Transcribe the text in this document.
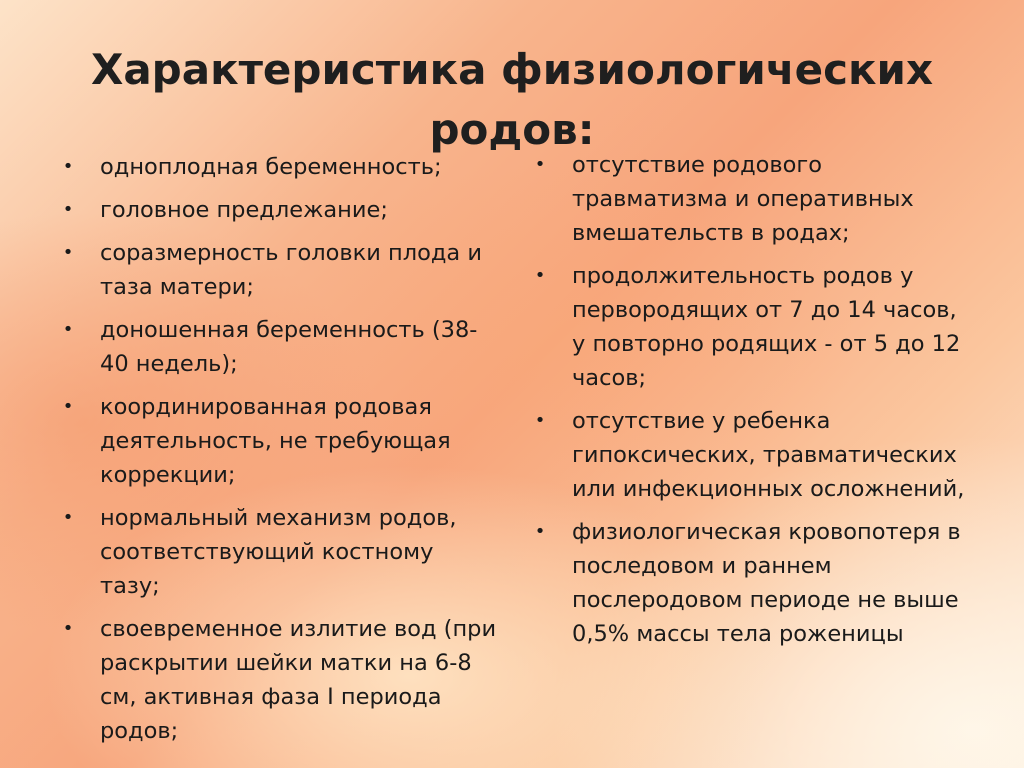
Характеристика физиологических родов:
• одноплодная беременность;
• головное предлежание;
• соразмерность головки плода и таза матери;
• доношенная беременность (38-40 недель);
• координированная родовая деятельность, не требующая коррекции;
• нормальный механизм родов, соответствующий костному тазу;
• своевременное излитие вод (при раскрытии шейки матки на 6-8 см, активная фаза I периода родов;
• отсутствие родового травматизма и оперативных вмешательств в родах;
• продолжительность родов у первородящих от 7 до 14 часов, у повторно родящих - от 5 до 12 часов;
• отсутствие у ребенка гипоксических, травматических или инфекционных осложнений,
• физиологическая кровопотеря в последовом и раннем послеродовом периоде не выше 0,5% массы тела роженицы
